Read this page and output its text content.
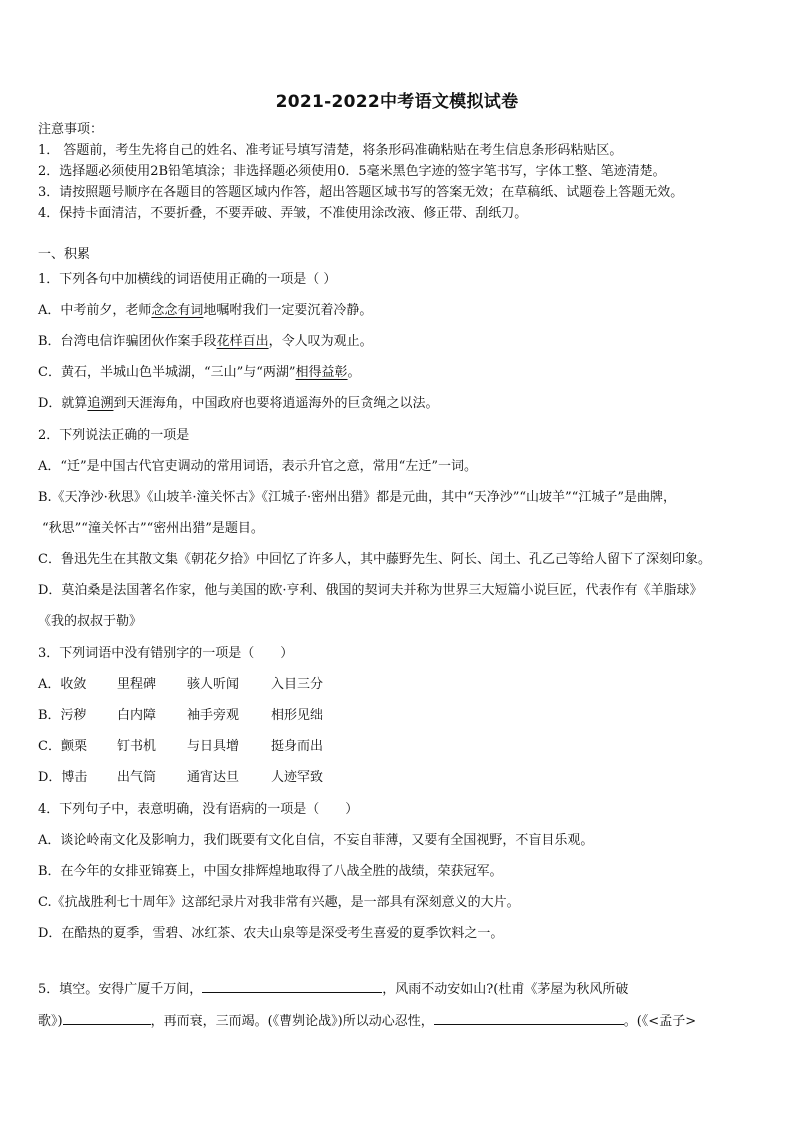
2021-2022中考语文模拟试卷
注意事项：
1． 答题前，考生先将自己的姓名、准考证号填写清楚，将条形码准确粘贴在考生信息条形码粘贴区。
2．选择题必须使用2B铅笔填涂；非选择题必须使用0．5毫米黑色字迹的签字笔书写，字体工整、笔迹清楚。
3．请按照题号顺序在各题目的答题区域内作答，超出答题区域书写的答案无效；在草稿纸、试题卷上答题无效。
4．保持卡面清洁，不要折叠，不要弄破、弄皱，不准使用涂改液、修正带、刮纸刀。
一、积累
1．下列各句中加横线的词语使用正确的一项是（ ）
A．中考前夕，老师念念有词地嘱咐我们一定要沉着冷静。
B．台湾电信诈骗团伙作案手段花样百出，令人叹为观止。
C．黄石，半城山色半城湖，“三山”与“两湖”相得益彰。
D．就算追溯到天涯海角，中国政府也要将逍遥海外的巨贪绳之以法。
2．下列说法正确的一项是
A．“迁”是中国古代官吏调动的常用词语，表示升官之意，常用“左迁”一词。
B.《天净沙·秋思》《山坡羊·潼关怀古》《江城子·密州出猎》都是元曲，其中“天净沙”“山坡羊”“江城子”是曲牌，
“秋思”“潼关怀古”“密州出猎”是题目。
C．鲁迅先生在其散文集《朝花夕拾》中回忆了许多人，其中藤野先生、阿长、闰土、孔乙己等给人留下了深刻印象。
D．莫泊桑是法国著名作家，他与美国的欧·亨利、俄国的契诃夫并称为世界三大短篇小说巨匠，代表作有《羊脂球》
《我的叔叔于勒》
3．下列词语中没有错别字的一项是（　　）
A．收敛 里程碑 骇人听闻 入目三分
B．污秽 白内障 袖手旁观 相形见绌
C．颤栗 钉书机 与日具增 挺身而出
D．博击 出气筒 通宵达旦 人迹罕致
4．下列句子中，表意明确，没有语病的一项是（　　）
A．谈论岭南文化及影响力，我们既要有文化自信，不妄自菲薄，又要有全国视野，不盲目乐观。
B．在今年的女排亚锦赛上，中国女排辉煌地取得了八战全胜的战绩，荣获冠军。
C.《抗战胜利七十周年》这部纪录片对我非常有兴趣，是一部具有深刻意义的大片。
D．在酷热的夏季，雪碧、冰红茶、农夫山泉等是深受考生喜爱的夏季饮料之一。
5．填空。安得广厦千万间，	，风雨不动安如山?(杜甫《茅屋为秋风所破
歌》)	，再而衰，三而竭。(《曹刿论战》)所以动心忍性，	。(《<孟子>
